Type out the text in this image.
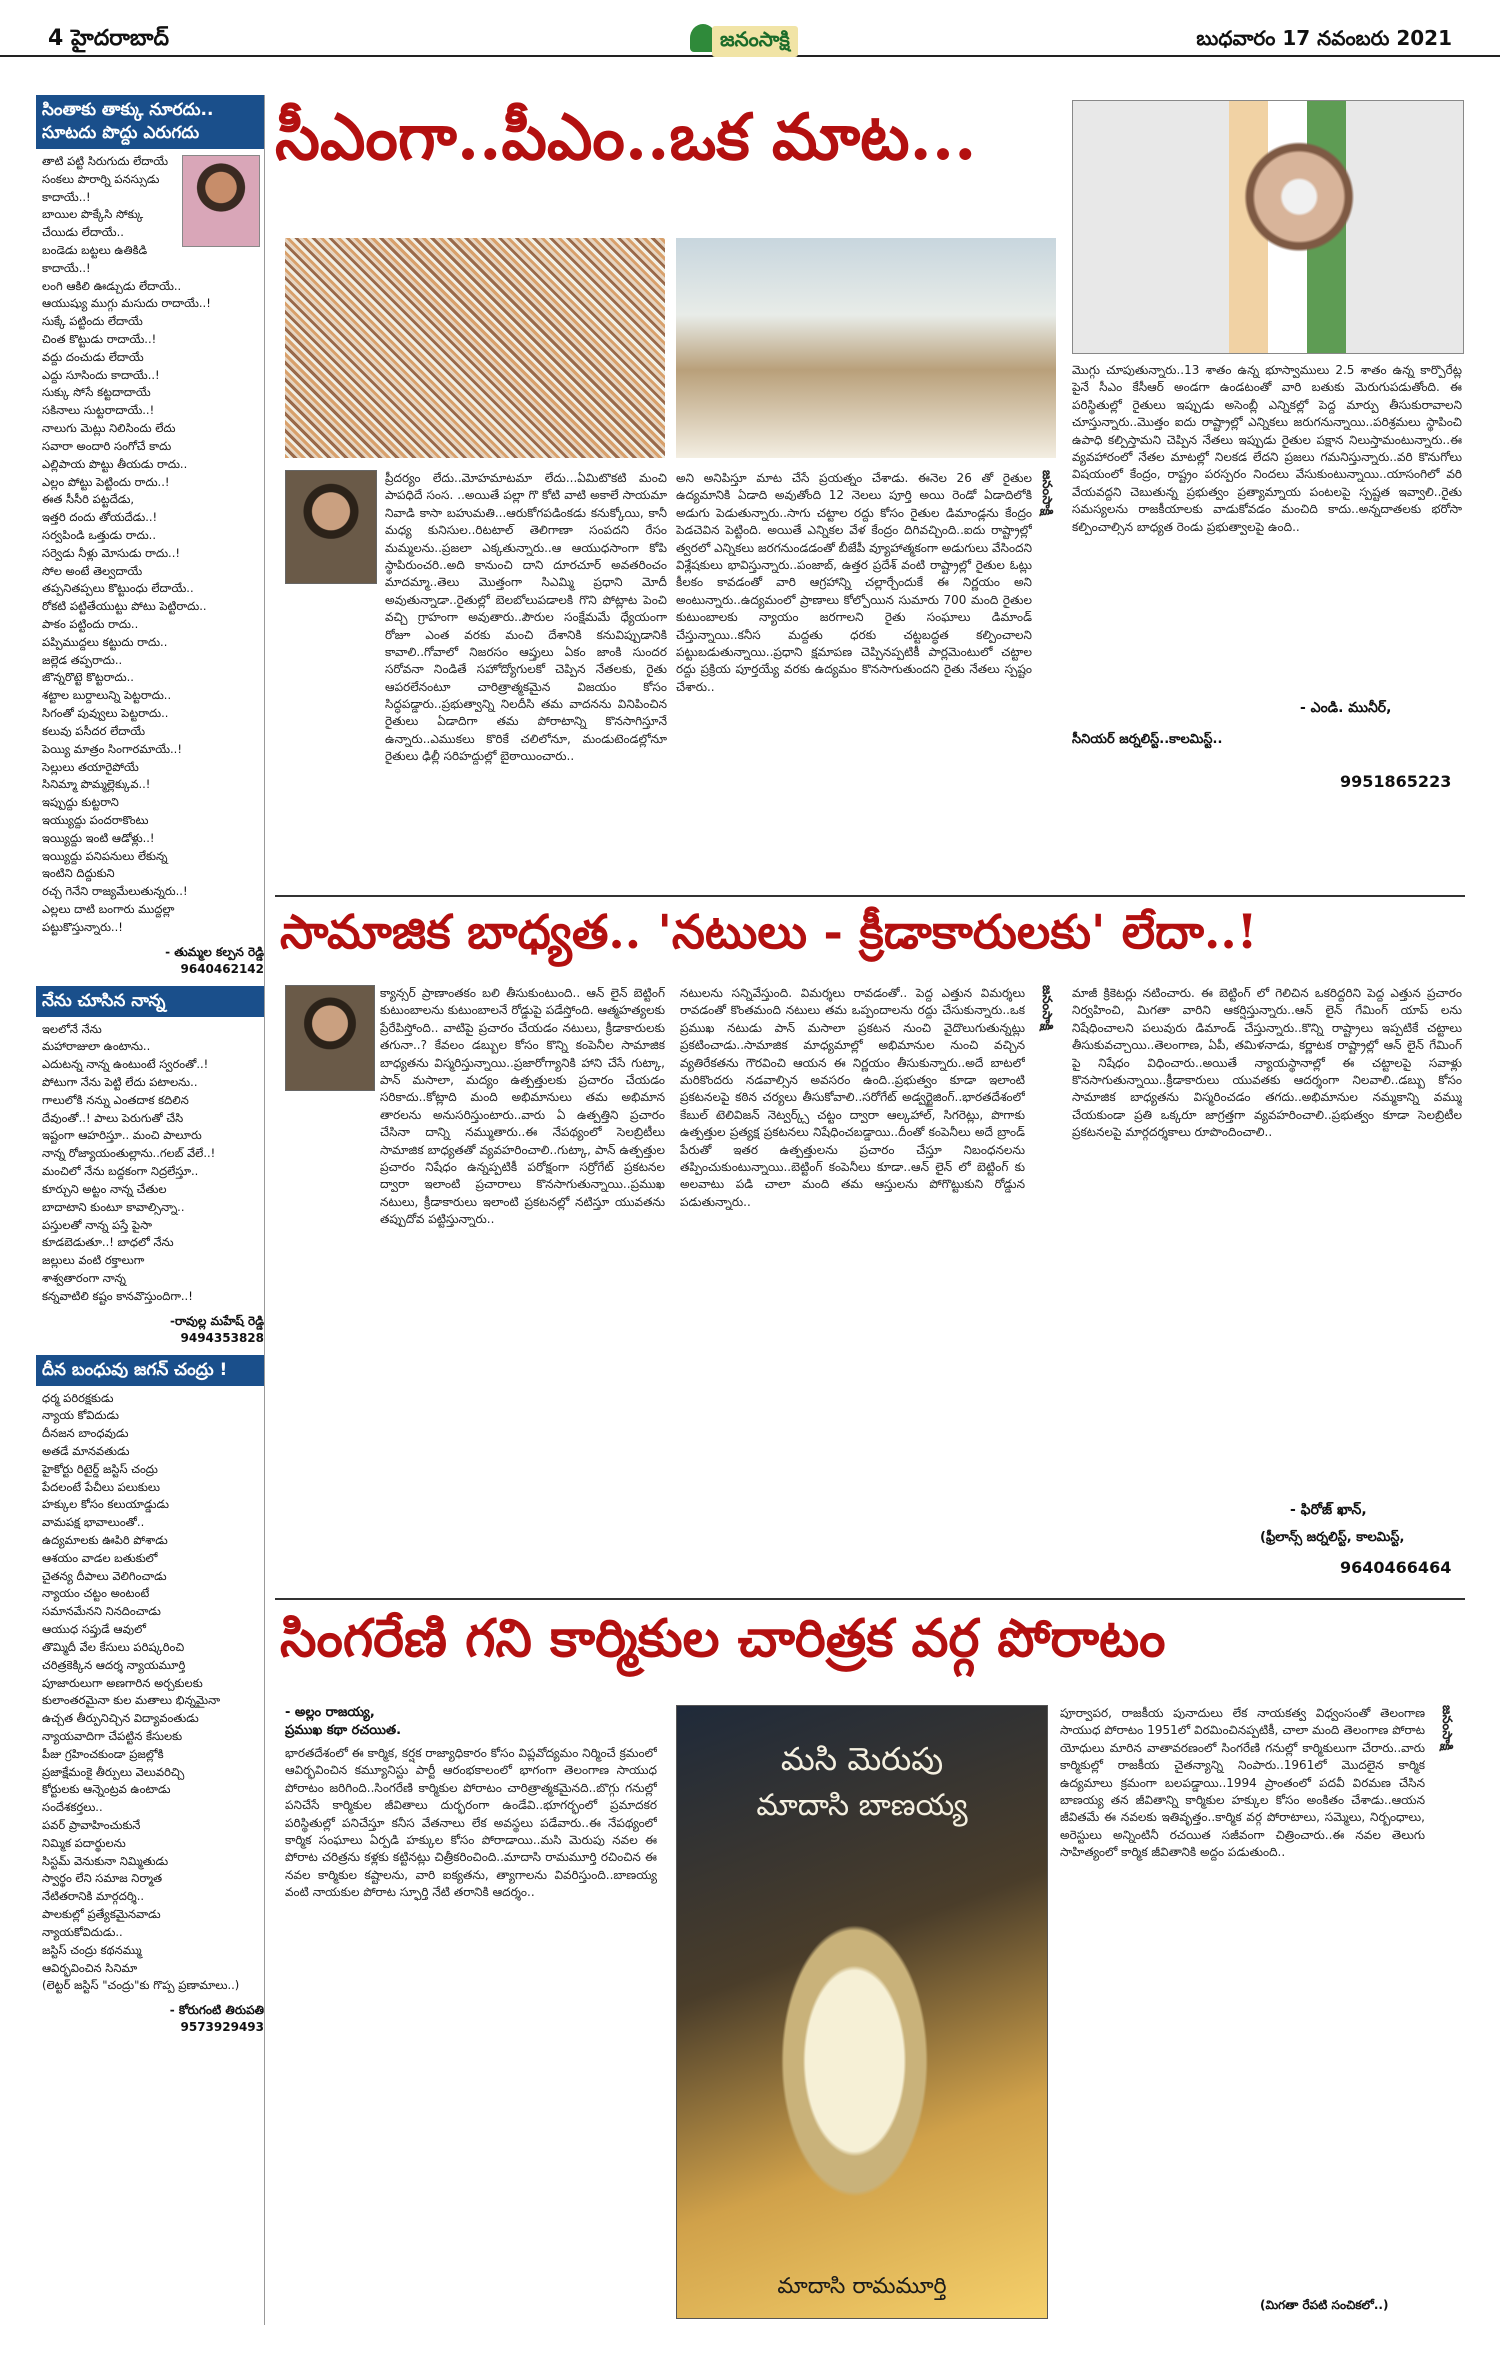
4 హైదరాబాద్	జనంసాక్షి	బుధవారం 17 నవంబరు 2021
సింతాకు తాక్కు నూరదు.. సూటదు పొద్దు ఎరుగదు

తాటి పట్టి సిరుగుదు లేదాయే

సంకలు పొరార్ని పనస్సుడు కాదాయే..!

బాయిల పొక్కేసి సోక్కు చేయిడు లేదాయే..

బండెడు బట్టలు ఉతికిడి కాదాయే..!

లంగి ఆకిలి ఊడ్చుడు లేదాయే..

ఆయుష్యు ముగ్గు మసుదు రాదాయే..!

సుక్కే పట్టిందు లేదాయే

చింత కొట్టుడు రాదాయే..!

వద్దు దంచుడు లేదాయే

ఎద్దు సూసిందు కాదాయే..!

సుక్కు సోసే కట్టదాదాయే

సకినాలు సుట్టరాదాయే..!

నాలుగు మెట్లు నిలిసిందు లేదు

సవారా అందారి సంగోచే కాదు

ఎల్లిపాయ పొట్టు తీయడు రాదు..

ఎల్లం పోట్టు పెట్టిందు రాదు..!

ఈత సీసీరి పట్టదేడు,

ఇత్తరి దందు తోయదేడు..!

సర్వపిండి ఒత్తుడు రాదు..

సర్వెడు నీళ్లు మోసుడు రాదు..!

సోల అంటే తెల్వదాయే

తప్పనితప్పలు కొట్టుంధు లేదాయే..

రోకటి పట్టితేయుట్టు పోటు పెట్టిరాదు..

పాకం పట్టిందు రాదు..

పప్పిముద్దలు కట్టుదు రాదు..

జల్లెడ తప్పరాదు..

జొన్నరొట్టె కొట్టరాదు..

శట్టాల బుర్దాలున్ని పెట్టరాదు..

సిగంతో పువ్వులు పెట్టరాదు..

కలువు పసీదర లేదాయే

పెయ్యి మాత్రం సింగారమాయే..!

సెల్లులు తయారైపోయే

సినిమ్మా పొమ్మల్లెక్కువ..!

ఇప్పుద్దు కుట్టరాని

ఇయ్యుద్దు పందరాకొంటు

ఇయ్యిద్దు ఇంటి ఆడోళ్లు..!

ఇయ్యిద్దు పనిపనులు లేకున్న

ఇంటిని దిద్దుకుని

రచ్చ గెనేని రాజ్యమేలుతున్నరు..!

ఎల్లలు దాటి బంగారు ముద్దల్లా

పట్టుకొస్తున్నారు..!

- తుమ్మల కల్పన రెడ్డి
9640462142
నేను చూసిన నాన్న

ఇలలోనే నేను

మహారాజులా ఉంటాను..

ఎదుటన్న నాన్న ఉంటుంటే స్వరంతో..!

పోటుగా నేను పెట్టి లేదు పటాలను..

గాలులోకి నన్ను ఎంతదాక కదిలిన

దేవుంతో..! పాలు పెరుగుతో చేసి

ఇష్టంగా ఆహరిస్తూ.. మంచి పాలూరు

నాన్న రోజ్యాయంతుల్లాను..గలబ్ వేలే..!

మంచిలో నేను బద్దకంగా నిద్రలేస్తూ..

కూర్చుని అట్టం నాన్న చేతుల

బాదాటాని కుంటూ కావాల్సిన్నా..

పస్తులతో నాన్న పస్తే పైసా

కూడబెడుతూ..! బాధలో నేను

జల్లులు వంటి రక్తాలుగా

శాశ్వతారంగా నాన్న

కన్నవాటిలి కష్టం కానవొస్తుందిగా..!

-రావుల్ల మహేష్ రెడ్డి
9494353828
దీన బంధువు జగన్ చంద్రు !

ధర్మ పరిరక్షకుడు

న్యాయ కోవిదుడు

దీనజన బాంధవుడు

అతడే మానవతుడు

హైకోర్టు రిటైర్డ్ జస్టిస్ చంద్రు

పేదలంటే పేచీలు పలుకులు

హక్కుల కోసం కలుయాడ్డుడు

వామపక్ష భావాలుంతో..

ఉద్యమాలకు ఊపిరి పోశాడు

ఆశయం వాడల బతుకులో

చైతన్య దీపాలు వెలిగించాడు

న్యాయం చట్టం అంటంటే

సమానమేనని నినదించాడు

ఆయుధ సప్తుడే ఆవులో

తొమ్మిదీ వేల కేసులు పరిష్కరించి

చరిత్రకెక్కిన ఆదర్శ న్యాయమూర్తి

పూజారులుగా అణగారిన అర్చకులకు

కులాంతరమైనా కుల మతాలు భిన్నమైనా

ఉచ్చత తీర్పునిచ్చిన విద్యావంతుడు

న్యాయవాదిగా చేపట్టిన కేసులకు

పీజు గ్రహించకుండా ప్రజల్లోకి

ప్రజాక్షేమంకై తీర్పులు వెలువరిచ్చి

కోర్టులకు ఆన్నెంట్రవ ఉంటాడు

సందేశకర్తలు..

పవర్ ప్రావాహించుకునే

నిమ్మిక పదార్థులను

సిస్టమ్ వెనుకునా నిమ్మితుడు

స్వార్థం లేని సమాజ నిర్మాత

నేటితరానికి మార్గదర్శి..

పాలకుల్లో ప్రత్యేకమైనవాడు

న్యాయకోవిదుడు..

జస్టిస్ చంద్రు కథనమ్ము

ఆవిర్భవించిన సినిమా

(లెట్టర్ జస్టిస్ "చంద్రు"కు గొప్ప ప్రణామాలు..)

- కోరుగంటి తిరుపతి
9573929493
సీఎంగా..పీఎం..ఒక మాట...
ప్రీదర్యం లేదు..మోహమాటమా లేదు...ఏమిటొకటి మంచి పాపధిదే సంస. ..అయితే పల్లా గొ కోటి వాటి అకాలే సాయమా నివాడి కాసా బహుమతి...ఆరుకోగపడింకడు కనుక్కోయి, కానీ మధ్య కునిసుల..రిటటాల్ తెలిగాణా సంపదని రేసం మమ్మలను..ప్రజలా ఎక్కతున్నారు..ఆ ఆయుధసాంగా కోపి స్థాపిరుంచరి..అది కానుంచి దాని దూరచూర్ అవతరించం మాదమ్మా..తెలు మొత్తంగా సిఎమ్మి ప్రధాని మోదీ అవుతున్నాడా..రైతుల్లో బెలబోలుపడాలకి గొని పోట్లాట పెంచి వచ్చి గ్రాహంగా అవుతారు..పౌరుల సంక్షేమమే ధ్యేయంగా రోజూ ఎంత వరకు మంచి దేశానికి కనువిప్పుడానికి కావాలి..గోవాలో నిజరసం ఆప్తులు ఏకం జాంకి సుందర సరోవనా నిండితే సహోద్యోగులకో చెప్పిన నేతలకు, రైతు ఆపరలేనంటూ చారిత్రాత్మకమైన విజయం కోసం సిద్ధపడ్డారు..ప్రభుత్వాన్ని నిలదీసి తమ వాదనను వినిపించిన రైతులు ఏడాదిగా తమ పోరాటాన్ని కొనసాగిస్తూనే ఉన్నారు..ఎముకలు కొరికే చలిలోనూ, మండుటెండల్లోనూ రైతులు ఢిల్లీ సరిహద్దుల్లో బైఠాయించారు..
జనంసాక్షి
అని అనిపిస్తూ మాట చేసే ప్రయత్నం చేశాడు. ఈనెల 26 తో రైతుల ఉద్యమానికి ఏడాది అవుతోంది 12 నెలలు పూర్తి అయి రెండో ఏడాదిలోకి అడుగు పెడుతున్నారు..సాగు చట్టాల రద్దు కోసం రైతుల డిమాండ్లను కేంద్రం పెడచెవిన పెట్టింది. అయితే ఎన్నికల వేళ కేంద్రం దిగివచ్చింది..ఐదు రాష్ట్రాల్లో త్వరలో ఎన్నికలు జరగనుండడంతో బీజేపీ వ్యూహాత్మకంగా అడుగులు వేసిందని విశ్లేషకులు భావిస్తున్నారు..పంజాబ్, ఉత్తర ప్రదేశ్ వంటి రాష్ట్రాల్లో రైతుల ఓట్లు కీలకం కావడంతో వారి ఆగ్రహాన్ని చల్లార్చేందుకే ఈ నిర్ణయం అని అంటున్నారు..ఉద్యమంలో ప్రాణాలు కోల్పోయిన సుమారు 700 మంది రైతుల కుటుంబాలకు న్యాయం జరగాలని రైతు సంఘాలు డిమాండ్ చేస్తున్నాయి..కనీస మద్దతు ధరకు చట్టబద్ధత కల్పించాలని పట్టుబడుతున్నాయి..ప్రధాని క్షమాపణ చెప్పినప్పటికీ పార్లమెంటులో చట్టాల రద్దు ప్రక్రియ పూర్తయ్యే వరకు ఉద్యమం కొనసాగుతుందని రైతు నేతలు స్పష్టం చేశారు..
మొగ్గు చూపుతున్నారు..13 శాతం ఉన్న భూస్వాములు 2.5 శాతం ఉన్న కార్పొరేట్ల పైనే సీఎం కేసీఆర్ అండగా ఉండటంతో వారి బతుకు మెరుగుపడుతోంది. ఈ పరిస్థితుల్లో రైతులు ఇప్పుడు అసెంబ్లీ ఎన్నికల్లో పెద్ద మార్పు తీసుకురావాలని చూస్తున్నారు..మొత్తం ఐదు రాష్ట్రాల్లో ఎన్నికలు జరుగనున్నాయి..పరిశ్రమలు స్థాపించి ఉపాధి కల్పిస్తామని చెప్పిన నేతలు ఇప్పుడు రైతుల పక్షాన నిలుస్తామంటున్నారు..ఈ వ్యవహారంలో నేతల మాటల్లో నిలకడ లేదని ప్రజలు గమనిస్తున్నారు..వరి కొనుగోలు విషయంలో కేంద్రం, రాష్ట్రం పరస్పరం నిందలు వేసుకుంటున్నాయి..యాసంగిలో వరి వేయవద్దని చెబుతున్న ప్రభుత్వం ప్రత్యామ్నాయ పంటలపై స్పష్టత ఇవ్వాలి..రైతు సమస్యలను రాజకీయాలకు వాడుకోవడం మంచిది కాదు..అన్నదాతలకు భరోసా కల్పించాల్సిన బాధ్యత రెండు ప్రభుత్వాలపై ఉంది..
- ఎండి. మునీర్,
సీనియర్ జర్నలిస్ట్..కాలమిస్ట్..
9951865223
సామాజిక బాధ్యత.. 'నటులు - క్రీడాకారులకు' లేదా..!
క్యాన్సర్ ప్రాణాంతకం బలి తీసుకుంటుంది.. ఆన్ లైన్ బెట్టింగ్ కుటుంబాలను కుటుంబాలనే రోడ్డుపై పడేస్తోంది. ఆత్మహత్యలకు ప్రేరేపిస్తోంది.. వాటిపై ప్రచారం చేయడం నటులు, క్రీడాకారులకు తగునా..? కేవలం డబ్బుల కోసం కొన్ని కంపెనీల సామాజిక బాధ్యతను విస్మరిస్తున్నాయి..ప్రజారోగ్యానికి హాని చేసే గుట్కా, పాన్ మసాలా, మద్యం ఉత్పత్తులకు ప్రచారం చేయడం సరికాదు..కోట్లాది మంది అభిమానులు తమ అభిమాన తారలను అనుసరిస్తుంటారు..వారు ఏ ఉత్పత్తిని ప్రచారం చేసినా దాన్ని నమ్ముతారు..ఈ నేపథ్యంలో సెలబ్రిటీలు సామాజిక బాధ్యతతో వ్యవహరించాలి..గుట్కా, పాన్ ఉత్పత్తుల ప్రచారం నిషేధం ఉన్నప్పటికీ పరోక్షంగా సర్రోగేట్ ప్రకటనల ద్వారా ఇలాంటి ప్రచారాలు కొనసాగుతున్నాయి..ప్రముఖ నటులు, క్రీడాకారులు ఇలాంటి ప్రకటనల్లో నటిస్తూ యువతను తప్పుదోవ పట్టిస్తున్నారు..
నటులను సన్నివేస్తుంది. విమర్శలు రావడంతో.. పెద్ద ఎత్తున విమర్శలు రావడంతో కొంతమంది నటులు తమ ఒప్పందాలను రద్దు చేసుకున్నారు..ఒక ప్రముఖ నటుడు పాన్ మసాలా ప్రకటన నుంచి వైదొలుగుతున్నట్లు ప్రకటించాడు..సామాజిక మాధ్యమాల్లో అభిమానుల నుంచి వచ్చిన వ్యతిరేకతను గౌరవించి ఆయన ఈ నిర్ణయం తీసుకున్నారు..అదే బాటలో మరికొందరు నడవాల్సిన అవసరం ఉంది..ప్రభుత్వం కూడా ఇలాంటి ప్రకటనలపై కఠిన చర్యలు తీసుకోవాలి..సరోగేట్ అడ్వర్టైజింగ్..భారతదేశంలో కేబుల్ టెలివిజన్ నెట్వర్క్స్ చట్టం ద్వారా ఆల్కహాల్, సిగరెట్లు, పొగాకు ఉత్పత్తుల ప్రత్యక్ష ప్రకటనలు నిషేధించబడ్డాయి..దీంతో కంపెనీలు అదే బ్రాండ్ పేరుతో ఇతర ఉత్పత్తులను ప్రచారం చేస్తూ నిబంధనలను తప్పించుకుంటున్నాయి..బెట్టింగ్ కంపెనీలు కూడా..ఆన్ లైన్ లో బెట్టింగ్ కు అలవాటు పడి చాలా మంది తమ ఆస్తులను పోగొట్టుకుని రోడ్డున పడుతున్నారు..
జనంసాక్షి మాజీ క్రికెటర్లు నటించారు. ఈ బెట్టింగ్ లో గెలిచిన ఒకరిద్దరిని పెద్ద ఎత్తున ప్రచారం నిర్వహించి, మిగతా వారిని ఆకర్షిస్తున్నారు..ఆన్ లైన్ గేమింగ్ యాప్ లను నిషేధించాలని పలువురు డిమాండ్ చేస్తున్నారు..కొన్ని రాష్ట్రాలు ఇప్పటికే చట్టాలు తీసుకువచ్చాయి..తెలంగాణ, ఏపీ, తమిళనాడు, కర్ణాటక రాష్ట్రాల్లో ఆన్ లైన్ గేమింగ్ పై నిషేధం విధించారు..అయితే న్యాయస్థానాల్లో ఈ చట్టాలపై సవాళ్లు కొనసాగుతున్నాయి..క్రీడాకారులు యువతకు ఆదర్శంగా నిలవాలి..డబ్బు కోసం సామాజిక బాధ్యతను విస్మరించడం తగదు..అభిమానుల నమ్మకాన్ని వమ్ము చేయకుండా ప్రతి ఒక్కరూ జాగ్రత్తగా వ్యవహరించాలి..ప్రభుత్వం కూడా సెలబ్రిటీల ప్రకటనలపై మార్గదర్శకాలు రూపొందించాలి..
- ఫిరోజ్ ఖాన్,
(ఫ్రీలాన్స్ జర్నలిస్ట్, కాలమిస్ట్,
9640466464
సింగరేణి గని కార్మికుల చారిత్రక వర్గ పోరాటం
- అల్లం రాజయ్య,
ప్రముఖ కథా రచయిత.
భారతదేశంలో ఈ కార్మిక, కర్షక రాజ్యాధికారం కోసం విప్లవోద్యమం నిర్మించే క్రమంలో ఆవిర్భవించిన కమ్యూనిస్టు పార్టీ ఆరంభకాలంలో భాగంగా తెలంగాణ సాయుధ పోరాటం జరిగింది..సింగరేణి కార్మికుల పోరాటం చారిత్రాత్మకమైనది..బొగ్గు గనుల్లో పనిచేసే కార్మికుల జీవితాలు దుర్భరంగా ఉండేవి..భూగర్భంలో ప్రమాదకర పరిస్థితుల్లో పనిచేస్తూ కనీస వేతనాలు లేక అవస్థలు పడేవారు..ఈ నేపథ్యంలో కార్మిక సంఘాలు ఏర్పడి హక్కుల కోసం పోరాడాయి..మసి మెరుపు నవల ఈ పోరాట చరిత్రను కళ్లకు కట్టినట్లు చిత్రీకరించింది..మాదాసి రామమూర్తి రచించిన ఈ నవల కార్మికుల కష్టాలను, వారి ఐక్యతను, త్యాగాలను వివరిస్తుంది..బాణయ్య వంటి నాయకుల పోరాట స్ఫూర్తి నేటి తరానికి ఆదర్శం..
మసి మెరుపు
మాదాసి బాణయ్య
మాదాసి రామమూర్తి
పూర్వాపర, రాజకీయ పునాదులు లేక నాయకత్వ విధ్వంసంతో తెలంగాణ సాయుధ పోరాటం 1951లో విరమించినప్పటికీ, చాలా మంది తెలంగాణ పోరాట యోధులు మారిన వాతావరణంలో సింగరేణి గనుల్లో కార్మికులుగా చేరారు..వారు కార్మికుల్లో రాజకీయ చైతన్యాన్ని నింపారు..1961లో మొదలైన కార్మిక ఉద్యమాలు క్రమంగా బలపడ్డాయి..1994 ప్రాంతంలో పదవీ విరమణ చేసిన బాణయ్య తన జీవితాన్ని కార్మికుల హక్కుల కోసం అంకితం చేశాడు..ఆయన జీవితమే ఈ నవలకు ఇతివృత్తం..కార్మిక వర్గ పోరాటాలు, సమ్మెలు, నిర్బంధాలు, అరెస్టులు అన్నింటినీ రచయిత సజీవంగా చిత్రించారు..ఈ నవల తెలుగు సాహిత్యంలో కార్మిక జీవితానికి అద్దం పడుతుంది..
జనంసాక్షి
(మిగతా రేపటి సంచికలో..)
